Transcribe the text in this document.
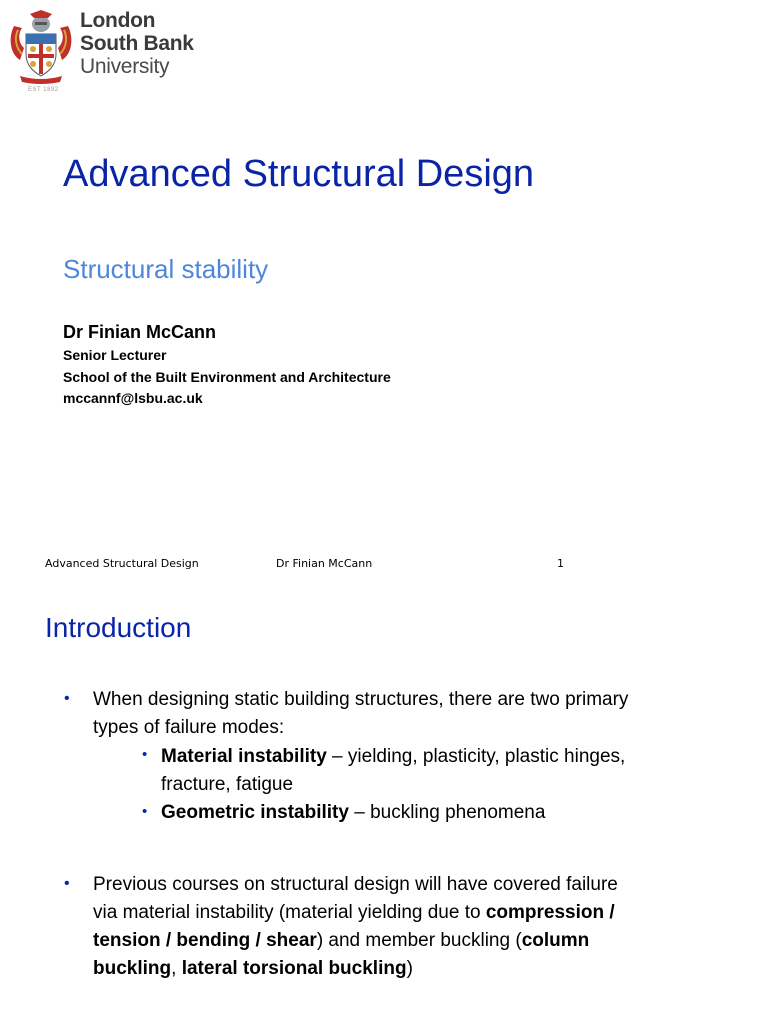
London
South Bank
University
EST 1892
Advanced Structural Design
Structural stability
Dr Finian McCann
Senior Lecturer
School of the Built Environment and Architecture
mccannf@lsbu.ac.uk
Advanced Structural Design	Dr Finian McCann	1
Introduction
• When designing static building structures, there are two primary
types of failure modes:
• Material instability – yielding, plasticity, plastic hinges,
fracture, fatigue
• Geometric instability – buckling phenomena
• Previous courses on structural design will have covered failure
via material instability (material yielding due to compression /
tension / bending / shear) and member buckling (column
buckling, lateral torsional buckling)
